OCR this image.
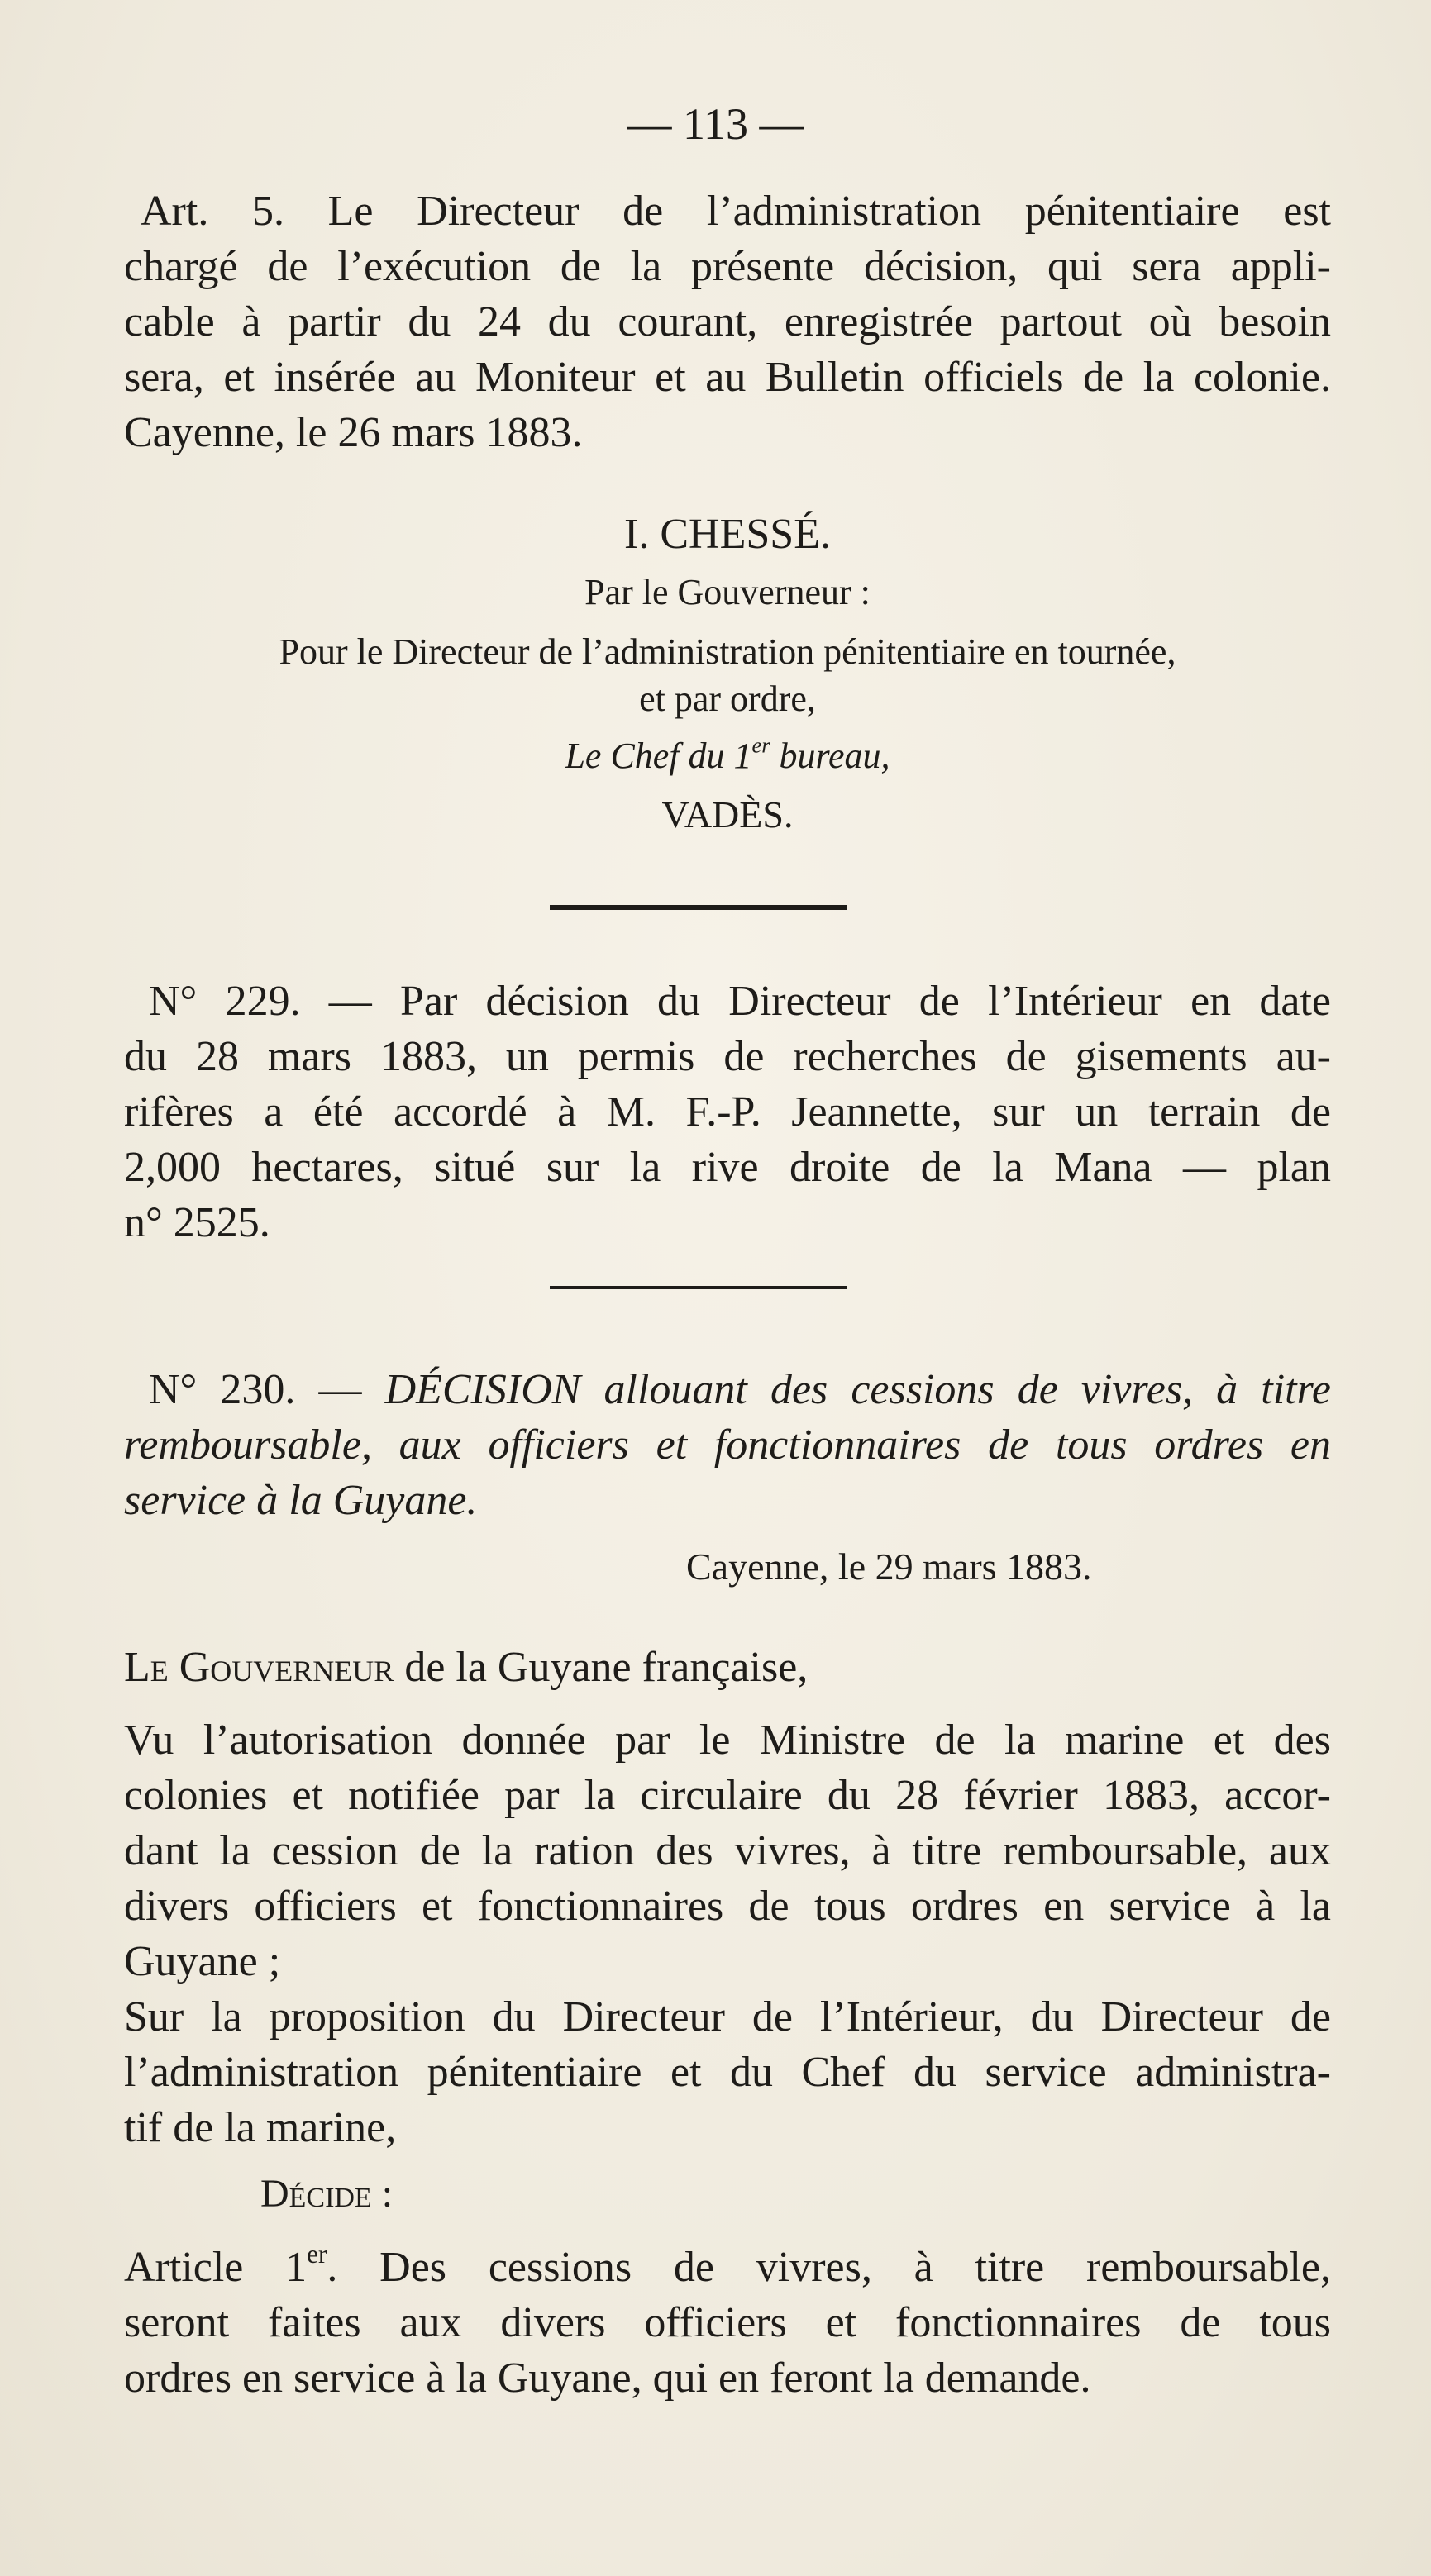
— 113 —
Art. 5. Le Directeur de l’administration pénitentiaire est
chargé de l’exécution de la présente décision, qui sera appli-
cable à partir du 24 du courant, enregistrée partout où besoin
sera, et insérée au Moniteur et au Bulletin officiels de la colonie.
Cayenne, le 26 mars 1883.
I. CHESSÉ.
Par le Gouverneur :
Pour le Directeur de l’administration pénitentiaire en tournée,
et par ordre,
Le Chef du 1er bureau,
VADÈS.
N° 229. — Par décision du Directeur de l’Intérieur en date
du 28 mars 1883, un permis de recherches de gisements au-
rifères a été accordé à M. F.-P. Jeannette, sur un terrain de
2,000 hectares, situé sur la rive droite de la Mana — plan
n° 2525.
N° 230. — DÉCISION allouant des cessions de vivres, à titre
remboursable, aux officiers et fonctionnaires de tous ordres en
service à la Guyane.
Cayenne, le 29 mars 1883.
Le Gouverneur de la Guyane française,
Vu l’autorisation donnée par le Ministre de la marine et des
colonies et notifiée par la circulaire du 28 février 1883, accor-
dant la cession de la ration des vivres, à titre remboursable, aux
divers officiers et fonctionnaires de tous ordres en service à la
Guyane ;
Sur la proposition du Directeur de l’Intérieur, du Directeur de
l’administration pénitentiaire et du Chef du service administra-
tif de la marine,
Décide :
Article 1er. Des cessions de vivres, à titre remboursable,
seront faites aux divers officiers et fonctionnaires de tous
ordres en service à la Guyane, qui en feront la demande.
